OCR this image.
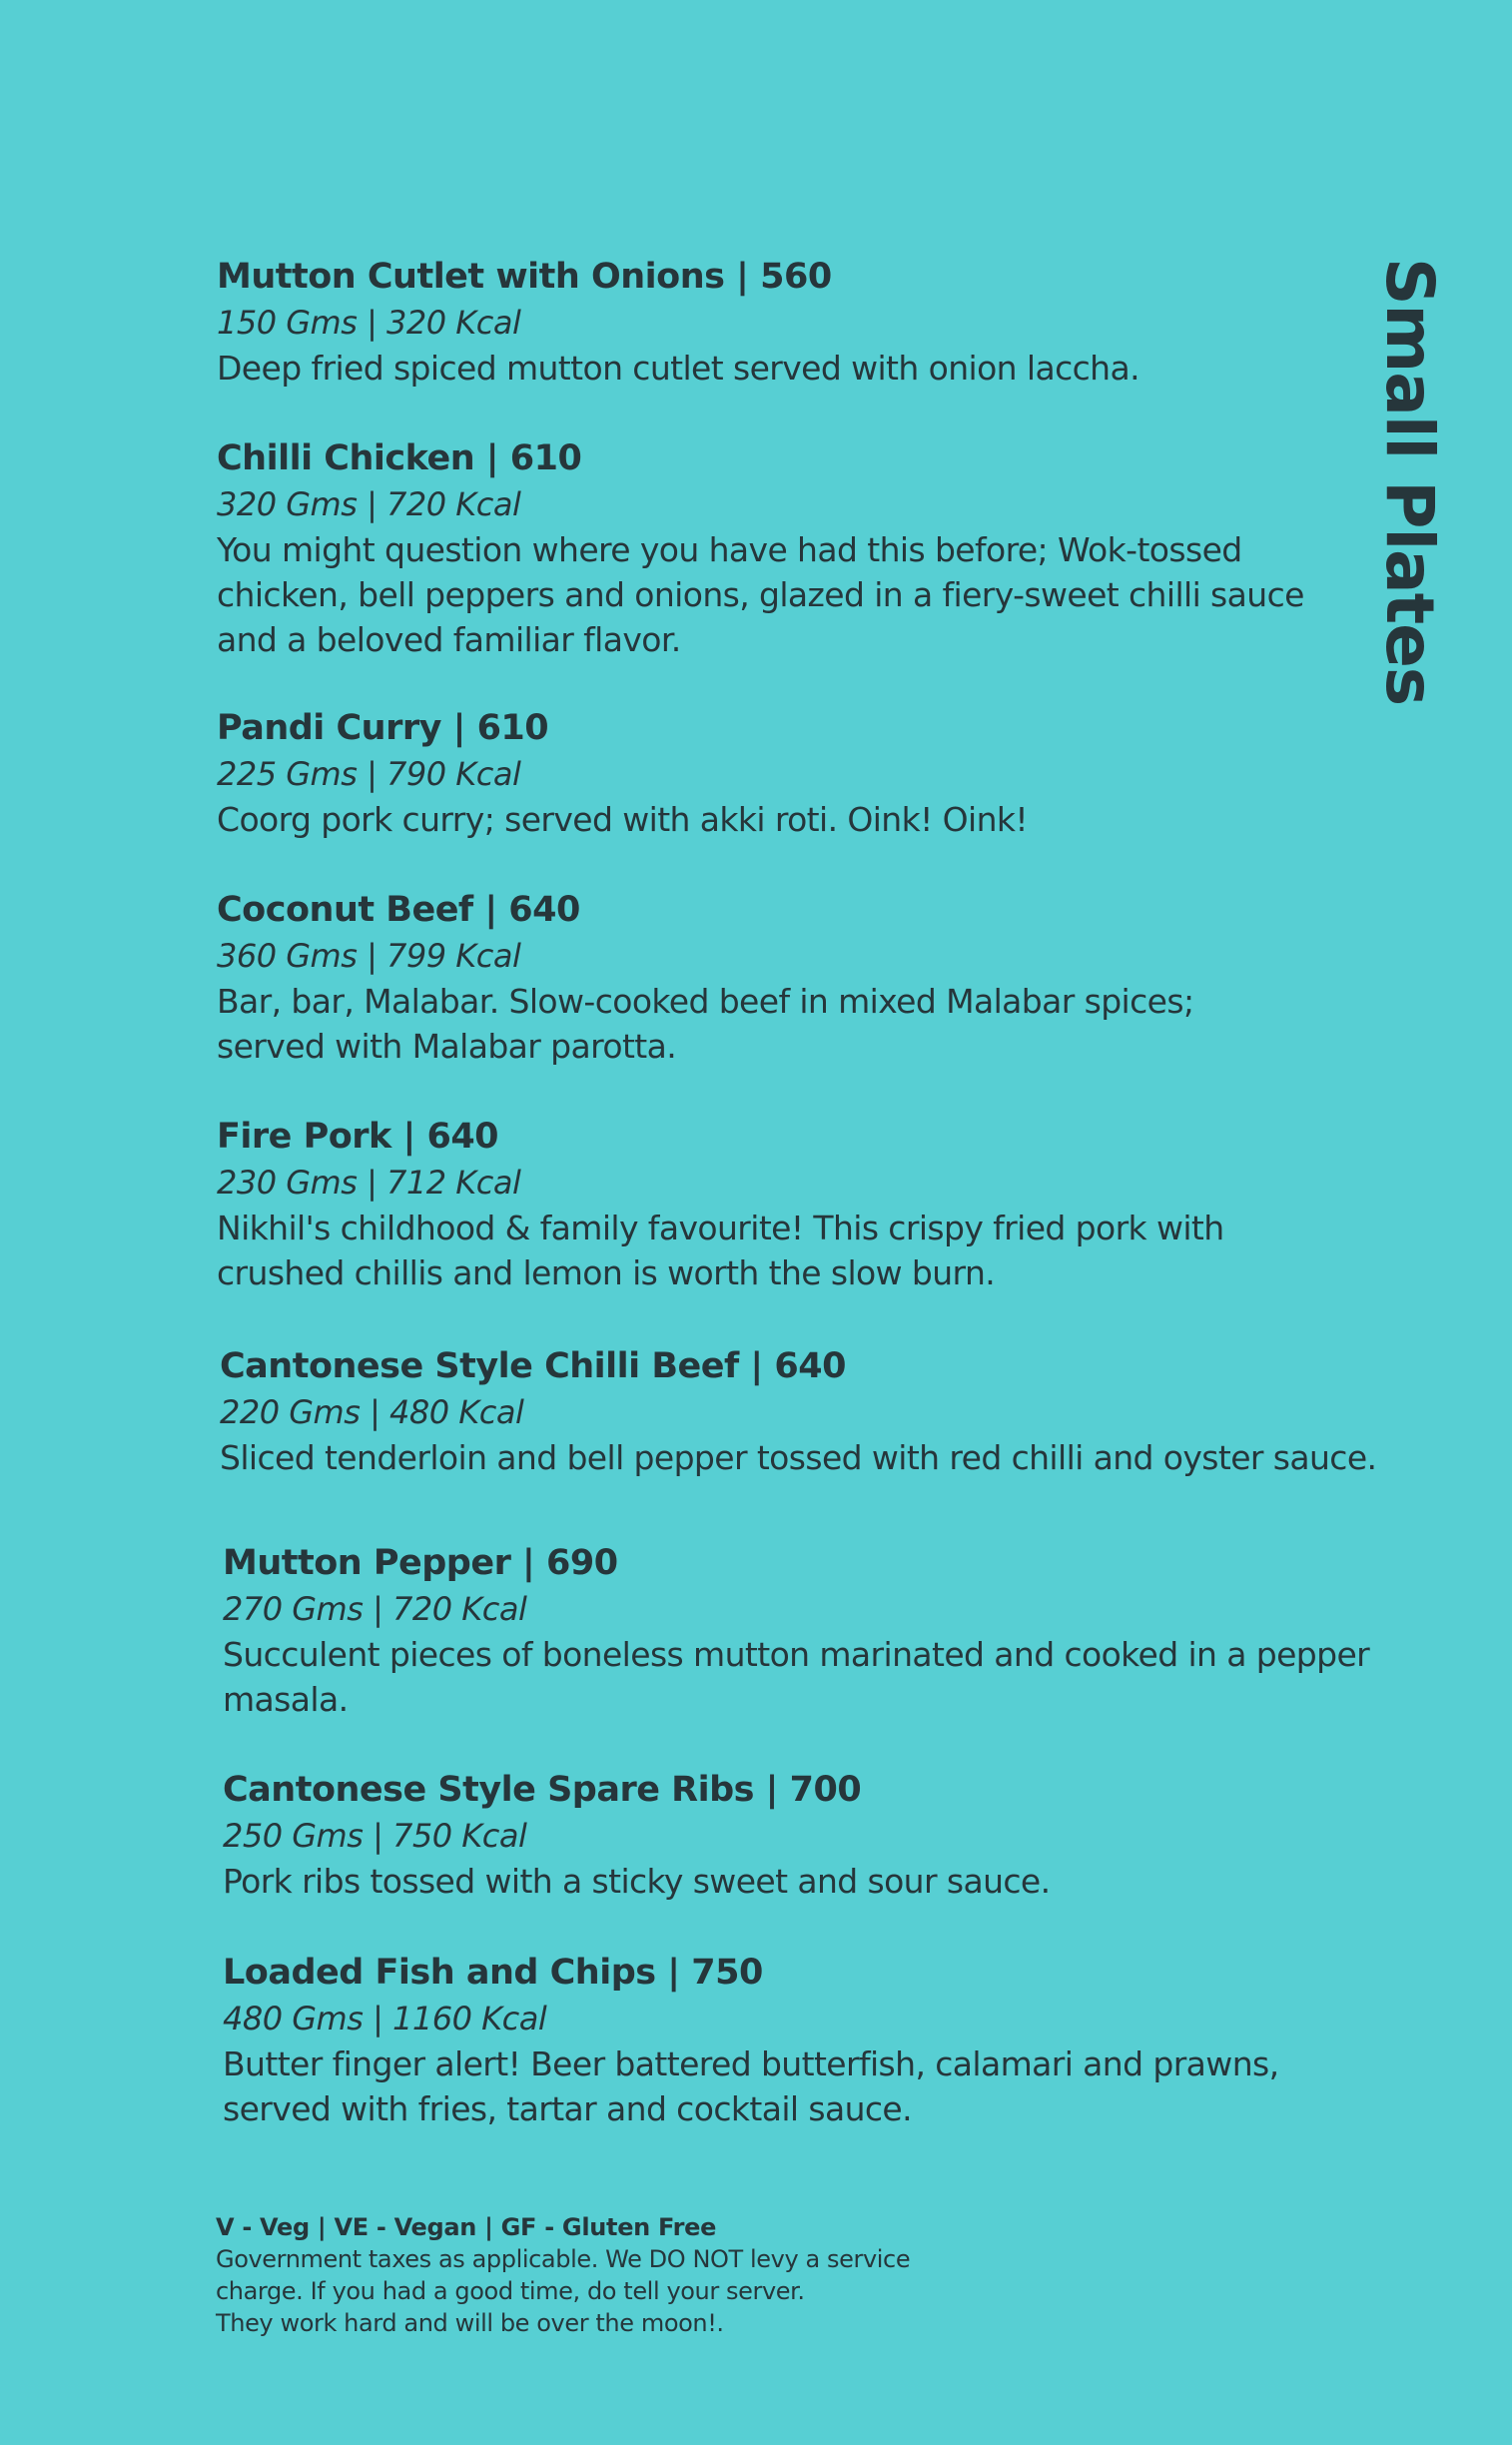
Small Plates
Mutton Cutlet with Onions | 560
150 Gms | 320 Kcal
Deep fried spiced mutton cutlet served with onion laccha.
Chilli Chicken | 610
320 Gms | 720 Kcal
You might question where you have had this before; Wok-tossed chicken, bell peppers and onions, glazed in a fiery-sweet chilli sauce and a beloved familiar flavor.
Pandi Curry | 610
225 Gms | 790 Kcal
Coorg pork curry; served with akki roti. Oink! Oink!
Coconut Beef | 640
360 Gms | 799 Kcal
Bar, bar, Malabar. Slow-cooked beef in mixed Malabar spices; served with Malabar parotta.
Fire Pork | 640
230 Gms | 712 Kcal
Nikhil's childhood & family favourite! This crispy fried pork with crushed chillis and lemon is worth the slow burn.
Cantonese Style Chilli Beef | 640
220 Gms | 480 Kcal
Sliced tenderloin and bell pepper tossed with red chilli and oyster sauce.
Mutton Pepper | 690
270 Gms | 720 Kcal
Succulent pieces of boneless mutton marinated and cooked in a pepper masala.
Cantonese Style Spare Ribs | 700
250 Gms | 750 Kcal
Pork ribs tossed with a sticky sweet and sour sauce.
Loaded Fish and Chips | 750
480 Gms | 1160 Kcal
Butter finger alert! Beer battered butterfish, calamari and prawns, served with fries, tartar and cocktail sauce.
V - Veg | VE - Vegan | GF - Gluten Free
Government taxes as applicable. We DO NOT levy a service
charge. If you had a good time, do tell your server.
They work hard and will be over the moon!.
